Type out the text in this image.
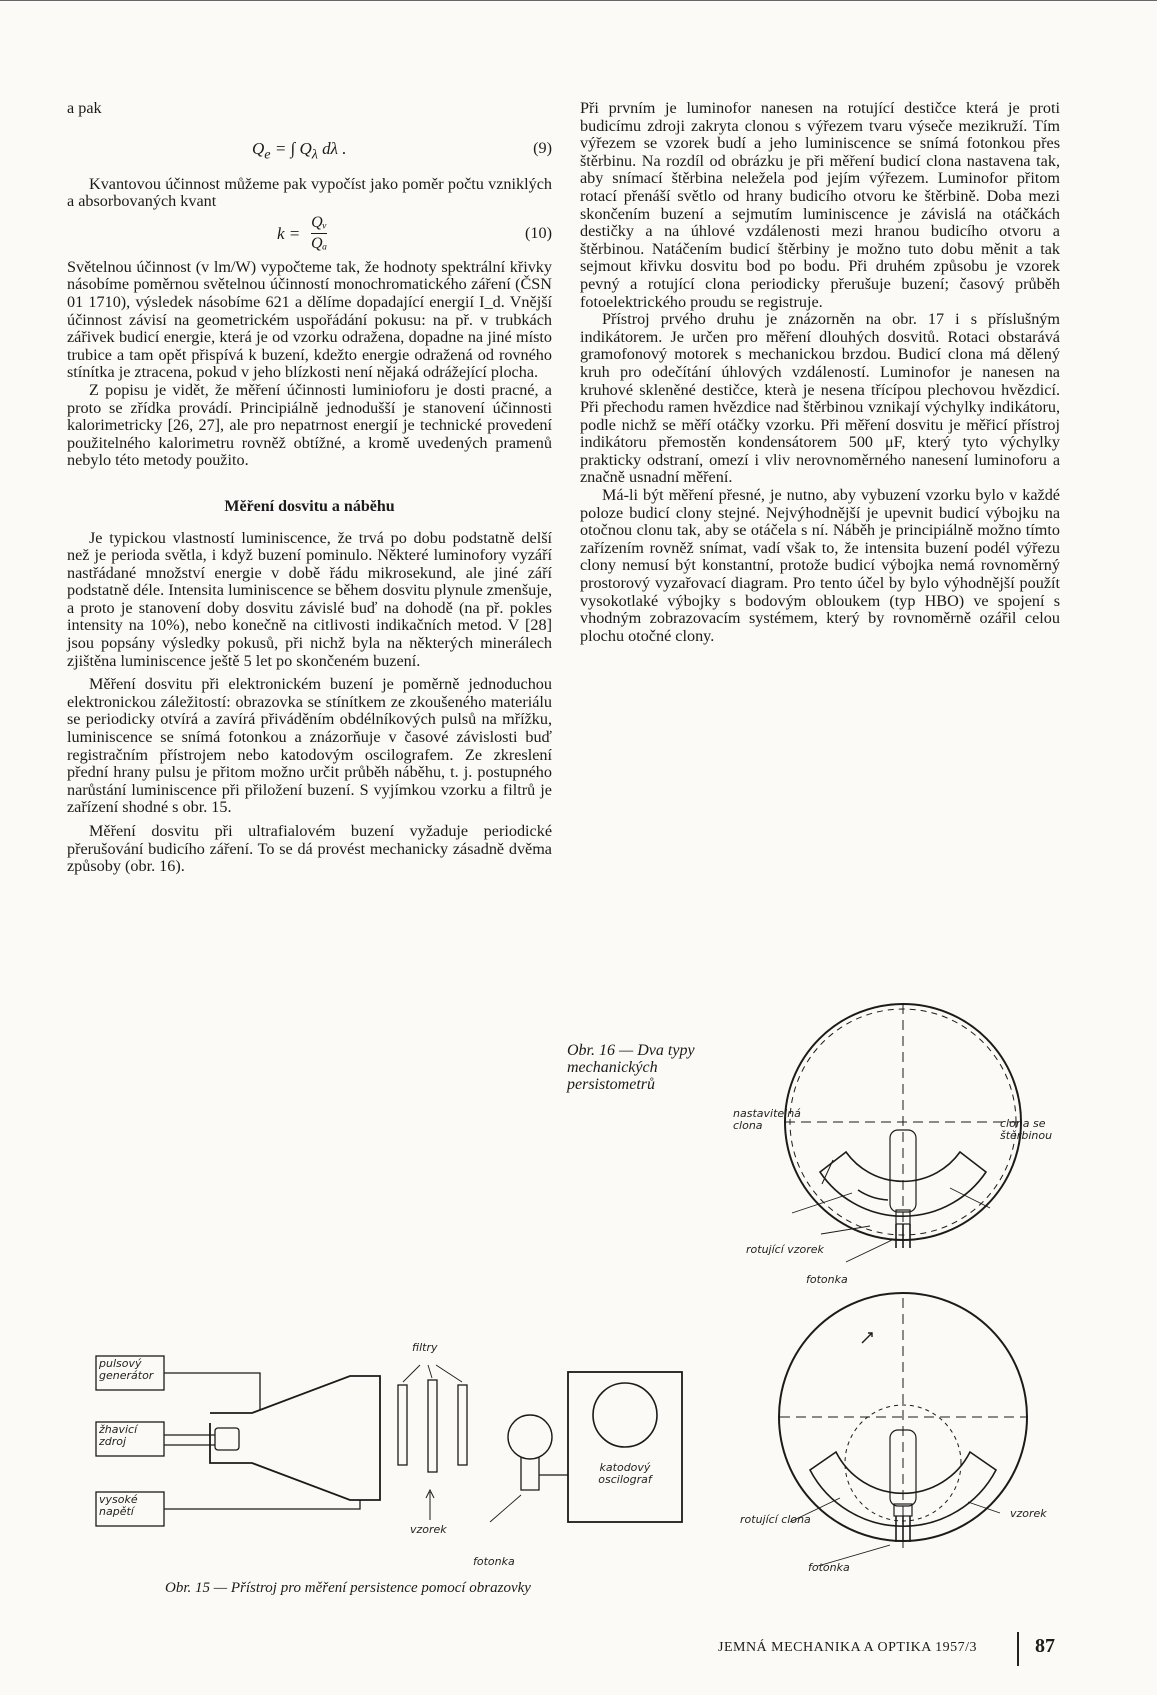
a pak

$Q_e$ = ∫ $Q_\lambda$ dλ .	(9)

Kvantovou účinnost můžeme pak vypočíst jako poměr počtu vzniklých a absorbovaných kvant

$k = \frac{\text{Qᵥ}}{\text{Qₐ}}$	(10)

Světelnou účinnost (v lm/W) vypočteme tak, že hodnoty spektrální křivky násobíme poměrnou světelnou účinností monochromatického záření (ČSN 01 1710), výsledek násobíme 621 a dělíme dopadající energií I_d. Vnější účinnost závisí na geometrickém uspořádání pokusu: na př. v trubkách zářivek budicí energie, která je od vzorku odražena, dopadne na jiné místo trubice a tam opět přispívá k buzení, kdežto energie odražená od rovného stínítka je ztracena, pokud v jeho blízkosti není nějaká odrážející plocha.

Z popisu je vidět, že měření účinnosti luminioforu je dosti pracné, a proto se zřídka provádí. Principiálně jednodušší je stanovení účinnosti kalorimetricky [26, 27], ale pro nepatrnost energií je technické provedení použitelného kalorimetru rovněž obtížné, a kromě uvedených pramenů nebylo této metody použito.

Měření dosvitu a náběhu

Je typickou vlastností luminiscence, že trvá po dobu podstatně delší než je perioda světla, i když buzení pominulo. Některé luminofory vyzáří nastřádané množství energie v době řádu mikrosekund, ale jiné září podstatně déle. Intensita luminiscence se během dosvitu plynule zmenšuje, a proto je stanovení doby dosvitu závislé buď na dohodě (na př. pokles intensity na 10%), nebo konečně na citlivosti indikačních metod. V [28] jsou popsány výsledky pokusů, při nichž byla na některých minerálech zjištěna luminiscence ještě 5 let po skončeném buzení.

Měření dosvitu při elektronickém buzení je poměrně jednoduchou elektronickou záležitostí: obrazovka se stínítkem ze zkoušeného materiálu se periodicky otvírá a zavírá přiváděním obdélníkových pulsů na mřížku, luminiscence se snímá fotonkou a znázorňuje v časové závislosti buď registračním přístrojem nebo katodovým oscilografem. Ze zkreslení přední hrany pulsu je přitom možno určit průběh náběhu, t. j. postupného narůstání luminiscence při přiložení buzení. S vyjímkou vzorku a filtrů je zařízení shodné s obr. 15.

Měření dosvitu při ultrafialovém buzení vyžaduje periodické přerušování budicího záření. To se dá provést mechanicky zásadně dvěma způsoby (obr. 16).

Při prvním je luminofor nanesen na rotující destičce která je proti budicímu zdroji zakryta clonou s výřezem tvaru výseče mezikruží. Tím výřezem se vzorek budí a jeho luminiscence se snímá fotonkou přes štěrbinu. Na rozdíl od obrázku je při měření budicí clona nastavena tak, aby snímací štěrbina neležela pod jejím výřezem. Luminofor přitom rotací přenáší světlo od hrany budicího otvoru ke štěrbině. Doba mezi skončením buzení a sejmutím luminiscence je závislá na otáčkách destičky a na úhlové vzdálenosti mezi hranou budicího otvoru a štěrbinou. Natáčením budicí štěrbiny je možno tuto dobu měnit a tak sejmout křivku dosvitu bod po bodu. Při druhém způsobu je vzorek pevný a rotující clona periodicky přerušuje buzení; časový průběh fotoelektrického proudu se registruje.

Přístroj prvého druhu je znázorněn na obr. 17 i s příslušným indikátorem. Je určen pro měření dlouhých dosvitů. Rotaci obstarává gramofonový motorek s mechanickou brzdou. Budicí clona má dělený kruh pro odečítání úhlových vzdáleností. Luminofor je nanesen na kruhové skleněné destičce, kterà je nesena třícípou plechovou hvězdicí. Při přechodu ramen hvězdice nad štěrbinou vznikají výchylky indikátoru, podle nichž se měří otáčky vzorku. Při měření dosvitu je měřicí přístroj indikátoru přemostěn kondensátorem 500 μF, který tyto výchylky prakticky odstraní, omezí i vliv nerovnoměrného nanesení luminoforu a značně usnadní měření.

Má-li být měření přesné, je nutno, aby vybuzení vzorku bylo v každé poloze budicí clony stejné. Nejvýhodnější je upevnit budicí výbojku na otočnou clonu tak, aby se otáčela s ní. Náběh je principiálně možno tímto zařízením rovněž snímat, vadí však to, že intensita buzení podél výřezu clony nemusí být konstantní, protože budicí výbojka nemá rovnoměrný prostorový vyzařovací diagram. Pro tento účel by bylo výhodnější použít vysokotlaké výbojky s bodovým obloukem (typ HBO) ve spojení s vhodným zobrazovacím systémem, který by rovnoměrně ozářil celou plochu otočné clony.

Obr. 16 — Dva typy mechanických persistometrů
nastavitelná clona	clona se štěrbinou
rotující vzorek
fotonka
rotující clona	vzorek
fotonka
pulsový generátor
žhavicí zdroj
vysoké napětí
filtry
vzorek
fotonka
katodový oscilograf
Obr. 15 — Přístroj pro měření persistence pomocí obrazovky
JEMNÁ MECHANIKA A OPTIKA 1957/3	87
